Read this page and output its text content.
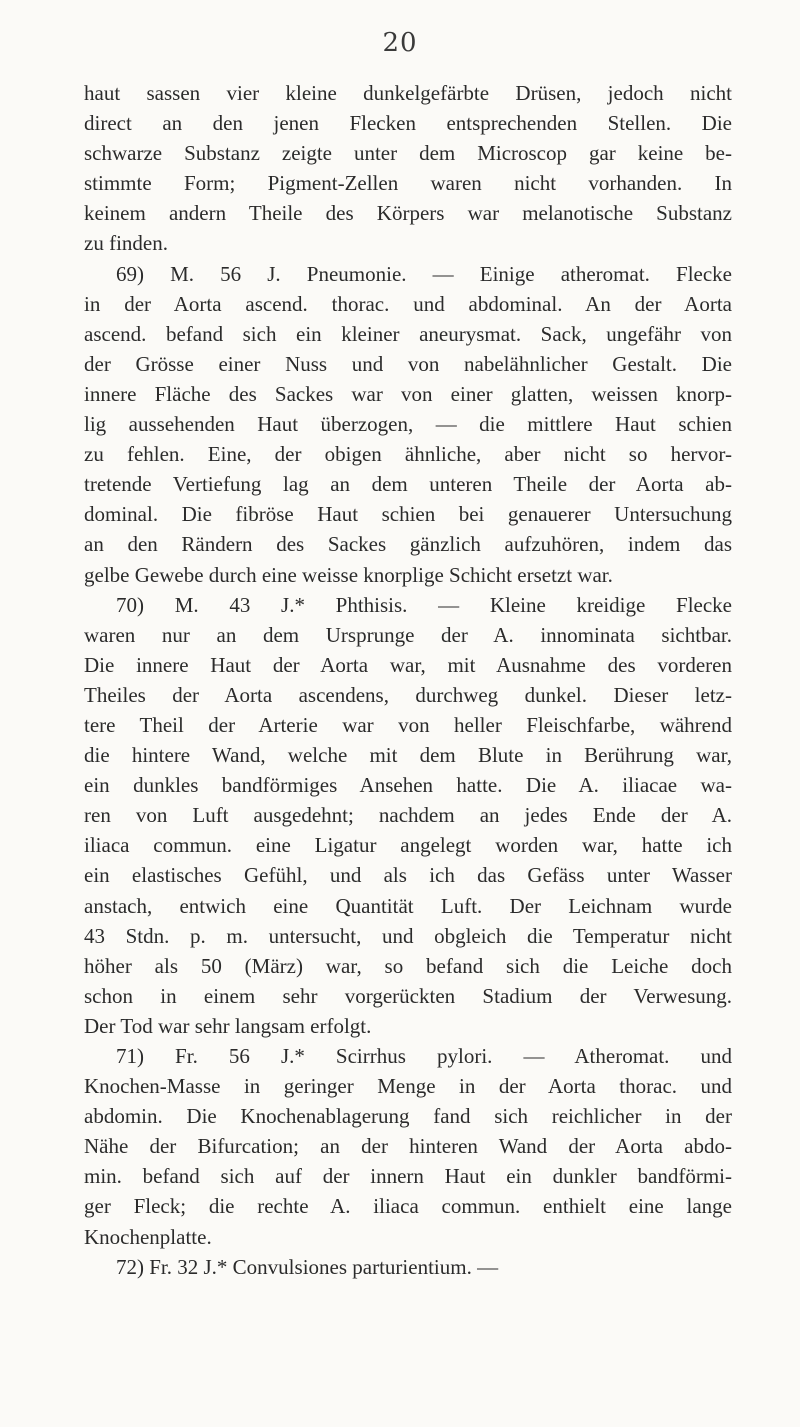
20
haut sassen vier kleine dunkelgefärbte Drüsen, jedoch nicht
direct an den jenen Flecken entsprechenden Stellen. Die
schwarze Substanz zeigte unter dem Microscop gar keine be-
stimmte Form; Pigment-Zellen waren nicht vorhanden. In
keinem andern Theile des Körpers war melanotische Substanz
zu finden.
69) M. 56 J. Pneumonie. — Einige atheromat. Flecke
in der Aorta ascend. thorac. und abdominal. An der Aorta
ascend. befand sich ein kleiner aneurysmat. Sack, ungefähr von
der Grösse einer Nuss und von nabelähnlicher Gestalt. Die
innere Fläche des Sackes war von einer glatten, weissen knorp-
lig aussehenden Haut überzogen, — die mittlere Haut schien
zu fehlen. Eine, der obigen ähnliche, aber nicht so hervor-
tretende Vertiefung lag an dem unteren Theile der Aorta ab-
dominal. Die fibröse Haut schien bei genauerer Untersuchung
an den Rändern des Sackes gänzlich aufzuhören, indem das
gelbe Gewebe durch eine weisse knorplige Schicht ersetzt war.
70) M. 43 J.* Phthisis. — Kleine kreidige Flecke
waren nur an dem Ursprunge der A. innominata sichtbar.
Die innere Haut der Aorta war, mit Ausnahme des vorderen
Theiles der Aorta ascendens, durchweg dunkel. Dieser letz-
tere Theil der Arterie war von heller Fleischfarbe, während
die hintere Wand, welche mit dem Blute in Berührung war,
ein dunkles bandförmiges Ansehen hatte. Die A. iliacae wa-
ren von Luft ausgedehnt; nachdem an jedes Ende der A.
iliaca commun. eine Ligatur angelegt worden war, hatte ich
ein elastisches Gefühl, und als ich das Gefäss unter Wasser
anstach, entwich eine Quantität Luft. Der Leichnam wurde
43 Stdn. p. m. untersucht, und obgleich die Temperatur nicht
höher als 50 (März) war, so befand sich die Leiche doch
schon in einem sehr vorgerückten Stadium der Verwesung.
Der Tod war sehr langsam erfolgt.
71) Fr. 56 J.* Scirrhus pylori. — Atheromat. und
Knochen-Masse in geringer Menge in der Aorta thorac. und
abdomin. Die Knochenablagerung fand sich reichlicher in der
Nähe der Bifurcation; an der hinteren Wand der Aorta abdo-
min. befand sich auf der innern Haut ein dunkler bandförmi-
ger Fleck; die rechte A. iliaca commun. enthielt eine lange
Knochenplatte.
72) Fr. 32 J.* Convulsiones parturientium. —
